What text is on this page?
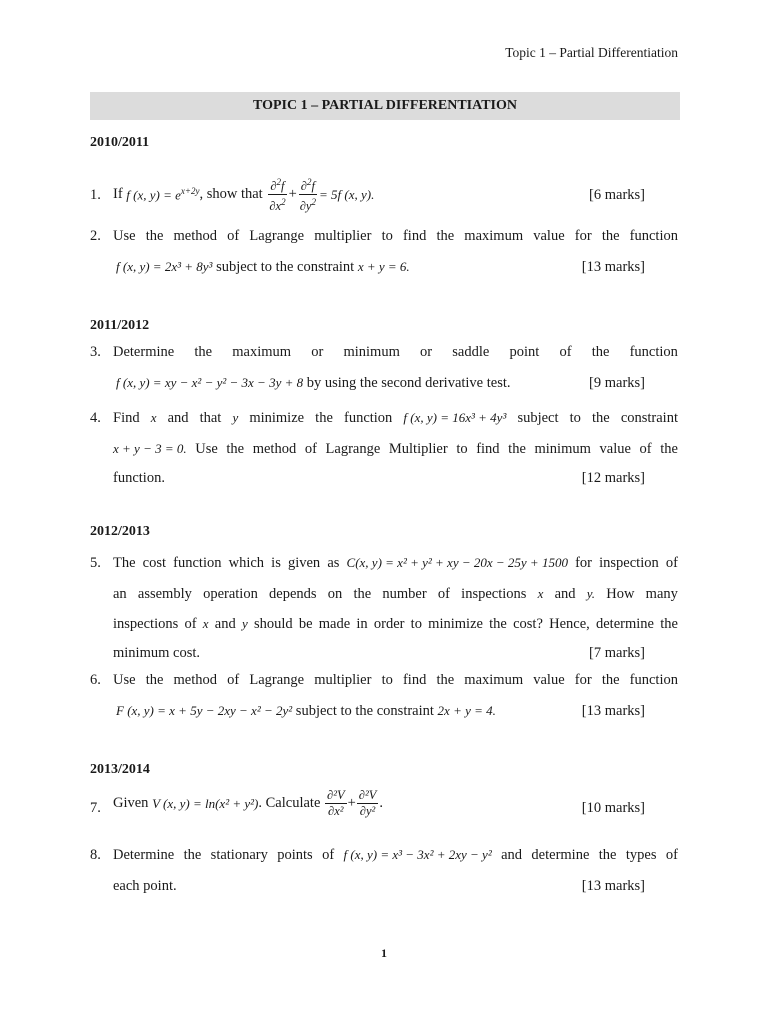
Topic 1 – Partial Differentiation
TOPIC 1 – PARTIAL DIFFERENTIATION
2010/2011
1. If
f (x, $y) = e^{x+2y}$ , show that
$\frac{\partial^2f}{\partial x^2} + \frac{\partial^2f}{\partial y^2} = 5f$ (x, y).	[6 marks]
2. Use the method of Lagrange multiplier to find the maximum value for the function
f (x, y) = 2x³ + 8y³ subject to the constraint x + y = 6.	[13 marks]
2011/2012
3. Determine the maximum or minimum or saddle point of the function
f (x, y) = xy − x² − y² − 3x − 3y + 8 by using the second derivative test.	[9 marks]
4. Find x and that y minimize the function f (x, y) = 16x³ + 4y³ subject to the constraint
x + y − 3 = 0. Use the method of Lagrange Multiplier to find the minimum value of the
function.	[12 marks]
2012/2013
5. The cost function which is given as C(x, y) = x² + y² + xy − 20x − 25y + 1500 for inspection of
an assembly operation depends on the number of inspections x and y. How many
inspections of x and y should be made in order to minimize the cost? Hence, determine the
minimum cost.	[7 marks]
6. Use the method of Lagrange multiplier to find the maximum value for the function
F (x, y) = x + 5y − 2xy − x² − 2y² subject to the constraint 2x + y = 4.	[13 marks]
2013/2014
7. Given
V (x, y) = ln(x² + y²) . Calculate
$\frac{\text{∂²V}}{\text{∂x²}} + \frac{\text{∂²V}}{\text{∂y²}}$ .	[10 marks]
8. Determine the stationary points of f (x, y) = x³ − 3x² + 2xy − y² and determine the types of
each point.	[13 marks]
1
